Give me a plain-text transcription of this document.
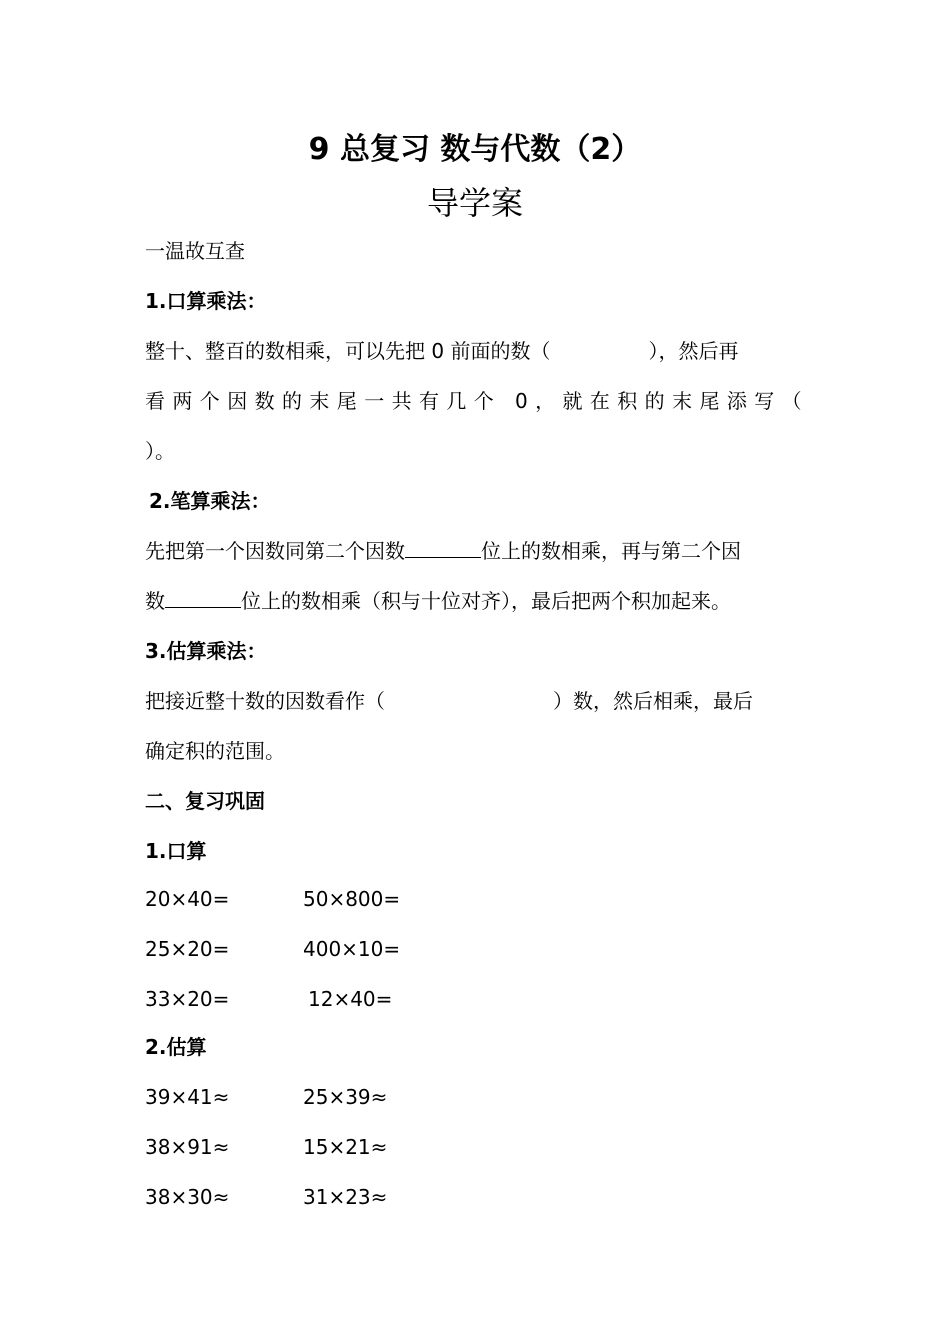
9 总复习 数与代数（2）
导学案
一温故互查
1.口算乘法：
整十、整百的数相乘，可以先把 0 前面的数（	），然后再
看两个因数的末尾一共有几个 0，就在积的末尾添写（
）。
2.笔算乘法：
先把第一个因数同第二个因数	位上的数相乘，再与第二个因
数	位上的数相乘（积与十位对齐），最后把两个积加起来。
3.估算乘法：
把接近整十数的因数看作（	）数，然后相乘，最后
确定积的范围。
二、复习巩固
1.口算
20×40=	50×800=
25×20=	400×10=
33×20=	12×40=
2.估算
39×41≈	25×39≈
38×91≈	15×21≈
38×30≈	31×23≈
